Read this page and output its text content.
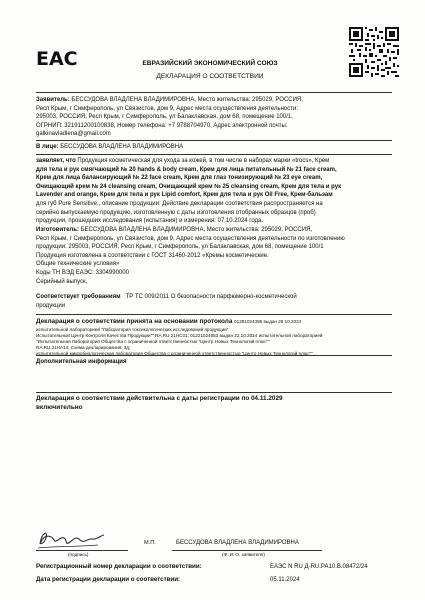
EAC	ЕВРАЗИЙСКИЙ ЭКОНОМИЧЕСКИЙ СОЮЗ
ДЕКЛАРАЦИЯ О СООТВЕТСТВИИ
Заявитель: БЕССУДОВА ВЛАДЛЕНА ВЛАДИМИРОВНА, Место жительства: 295029, РОССИЯ,
Респ Крым, г Симферополь, ул Связистов, дом 9, Адрес места осуществления деятельности:
295003, РОССИЯ, Респ Крым, г Симферополь, ул Балаклавская, дом 68, помещение 100/1,
ОГРНИП: 321911200100838, Номер телефона: +7 9788704970, Адрес электронной почты:
galkinavladlena@gmail.com
В лице: БЕССУДОВА ВЛАДЛЕНА ВЛАДИМИРОВНА
заявляет, что Продукция косметическая для ухода за кожей, в том числе в наборах марки «trocs», Крем
для тела и рук смягчающий № 20 hands & body cream, Крем для лица питательный № 21 face cream,
Крем для лица балансирующий № 22 face cream, Крем для глаз тонизирующий № 23 eye cream,
Очищающий крем № 24 cleansing cream, Очищающий крем № 25 cleansing cream, Крем для тела и рук
Lavender and orange, Крем для тела и рук Lipid comfort, Крем для тела и рук Oil Free, Крем-бальзам
для губ Pure Sensitive., описание продукции: Действие декларации соответствия распространяется на
серийно выпускаемую продукцию, изготовленную с даты изготовления отобранных образцов (проб)
продукции, прошедших исследования (испытания) и измерения: 07.10.2024 года.
Изготовитель: БЕССУДОВА ВЛАДЛЕНА ВЛАДИМИРОВНА, Место жительства: 295029, РОССИЯ,
Респ Крым, г Симферополь, ул Связистов, дом 9, Адрес места осуществления деятельности по изготовлению
продукции: 295003, РОССИЯ, Респ Крым, г Симферополь, ул Балаклавская, дом 68, помещение 100/1
Продукция изготовлена в соответствии с ГОСТ 31460-2012 «Кремы косметические.
Общие технические условия»
Коды ТН ВЭД ЕАЭС: 3304990000
Серийный выпуск,
Соответствует требованиям ТР ТС 009/2011 О безопасности парфюмерно-косметической
продукции
Декларация о соответствии принята на основании протокола 01281024395 выдан 28.10.2024
испытательной лабораторией "Лаборатория токсикологических исследований продукции"
Испытательный Центр Контроля Качества Продукции"" RA.RU.21НС01; 01221024853 выдан 22.10.2024 испытательной лабораторией
"Испытательная Лаборатория Общества с ограниченной ответственностью "Центр Новых Технологий плюс""
RA.RU.21НА14; Схема декларирования: 3д;
испытательной микробиологическая лаборатория Общества с ограниченной ответственностью "Центр Новых Технологий плюс""
Дополнительная информация
Декларация о соответствии действительна с даты регистрации по 04.11.2029
включительно
М.П.	БЕССУДОВА ВЛАДЛЕНА ВЛАДИМИРОВНА
(подпись)	(Ф. И. О. заявителя)
Регистрационный номер декларации о соответствии:	ЕАЭС N RU Д-RU.РА10.В.08472/24
Дата регистрации декларации о соответствии:	05.11.2024
